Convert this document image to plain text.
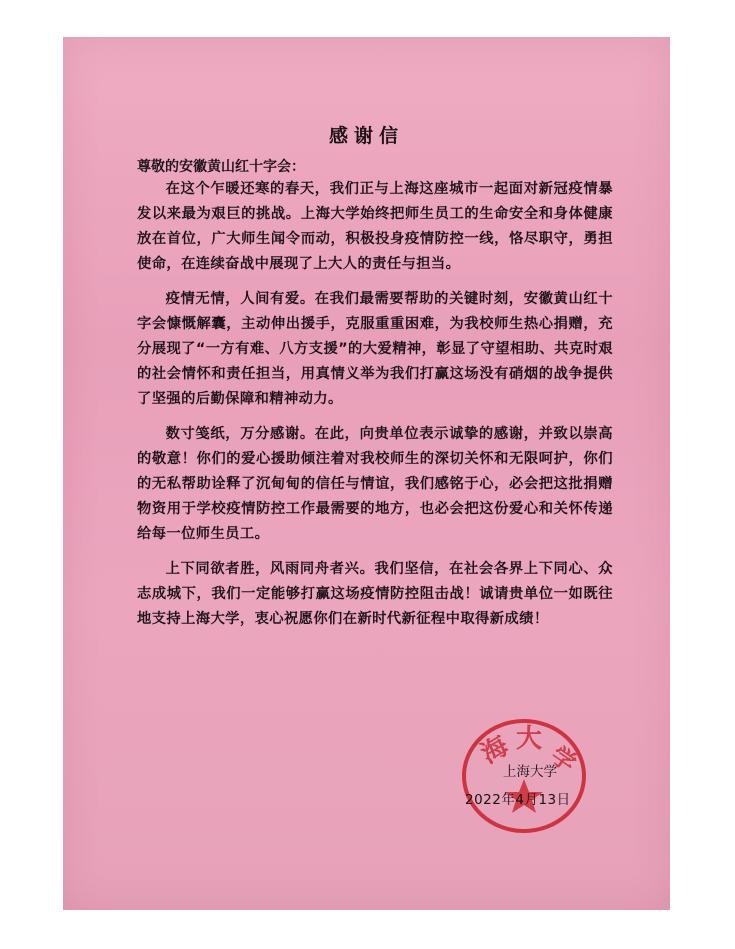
感谢信
尊敬的安徽黄山红十字会：

在这个乍暖还寒的春天，我们正与上海这座城市一起面对新冠疫情暴发以来最为艰巨的挑战。上海大学始终把师生员工的生命安全和身体健康放在首位，广大师生闻令而动，积极投身疫情防控一线，恪尽职守，勇担使命，在连续奋战中展现了上大人的责任与担当。

疫情无情，人间有爱。在我们最需要帮助的关键时刻，安徽黄山红十字会慷慨解囊，主动伸出援手，克服重重困难，为我校师生热心捐赠，充分展现了“一方有难、八方支援”的大爱精神，彰显了守望相助、共克时艰的社会情怀和责任担当，用真情义举为我们打赢这场没有硝烟的战争提供了坚强的后勤保障和精神动力。

数寸笺纸，万分感谢。在此，向贵单位表示诚挚的感谢，并致以崇高的敬意！你们的爱心援助倾注着对我校师生的深切关怀和无限呵护，你们的无私帮助诠释了沉甸甸的信任与情谊，我们感铭于心，必会把这批捐赠物资用于学校疫情防控工作最需要的地方，也必会把这份爱心和关怀传递给每一位师生员工。

上下同欲者胜，风雨同舟者兴。我们坚信，在社会各界上下同心、众志成城下，我们一定能够打赢这场疫情防控阻击战！诚请贵单位一如既往地支持上海大学，衷心祝愿你们在新时代新征程中取得新成绩！

海 大
学
上海大学
2022年4月13日
